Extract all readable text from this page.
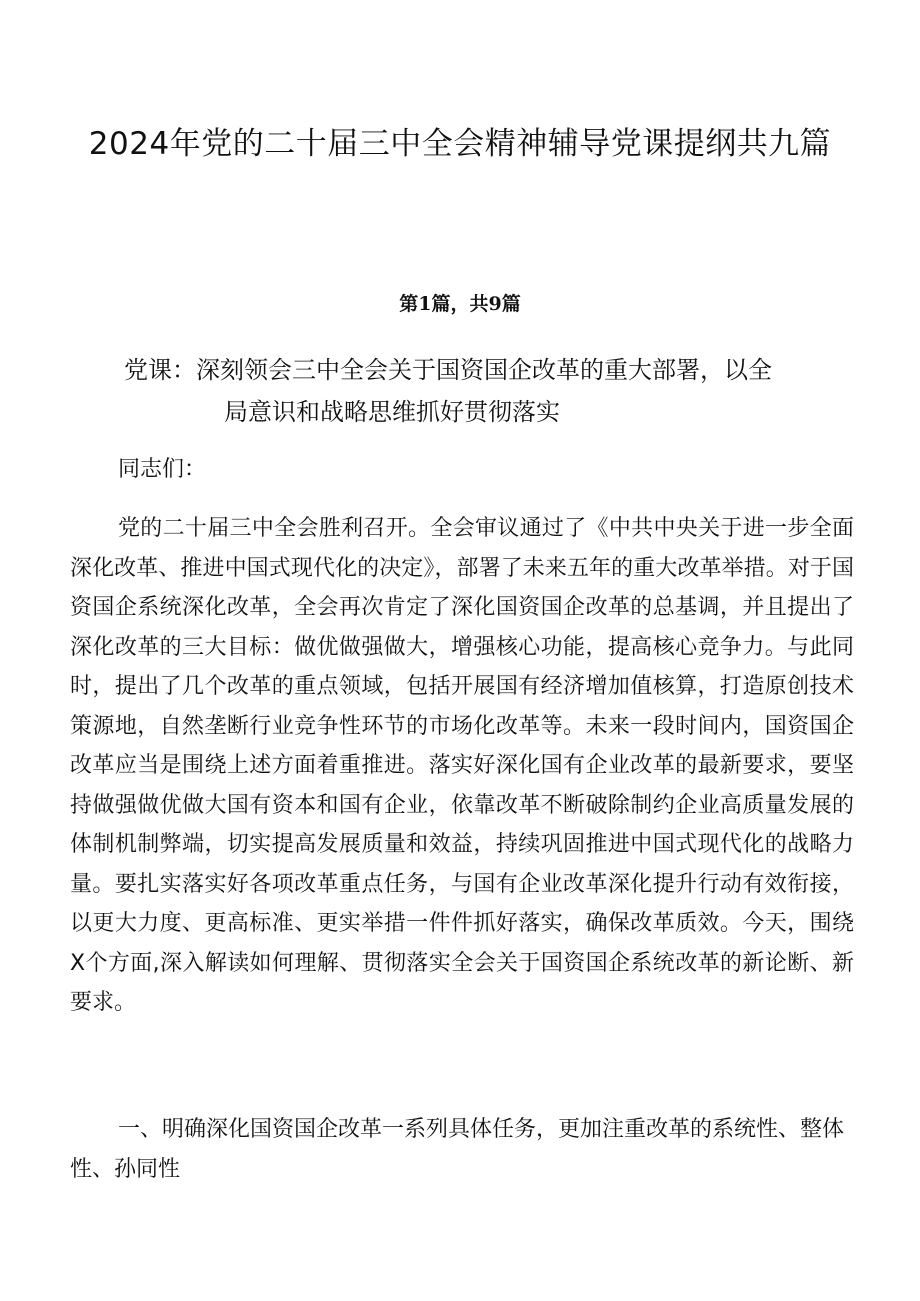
2024年党的二十届三中全会精神辅导党课提纲共九篇

第1篇，共9篇

党课：深刻领会三中全会关于国资国企改革的重大部署，以全
局意识和战略思维抓好贯彻落实

同志们：

党的二十届三中全会胜利召开。全会审议通过了《中共中央关于进一步全面深化改革、推进中国式现代化的决定》，部署了未来五年的重大改革举措。对于国资国企系统深化改革，全会再次肯定了深化国资国企改革的总基调，并且提出了深化改革的三大目标：做优做强做大，增强核心功能，提高核心竞争力。与此同时，提出了几个改革的重点领域，包括开展国有经济增加值核算，打造原创技术策源地，自然垄断行业竞争性环节的市场化改革等。未来一段时间内，国资国企改革应当是围绕上述方面着重推进。落实好深化国有企业改革的最新要求，要坚持做强做优做大国有资本和国有企业，依靠改革不断破除制约企业高质量发展的体制机制弊端，切实提高发展质量和效益，持续巩固推进中国式现代化的战略力量。要扎实落实好各项改革重点任务，与国有企业改革深化提升行动有效衔接，以更大力度、更高标准、更实举措一件件抓好落实，确保改革质效。今天，围绕X个方面,深入解读如何理解、贯彻落实全会关于国资国企系统改革的新论断、新要求。

一、明确深化国资国企改革一系列具体任务，更加注重改革的系统性、整体性、孙同性
